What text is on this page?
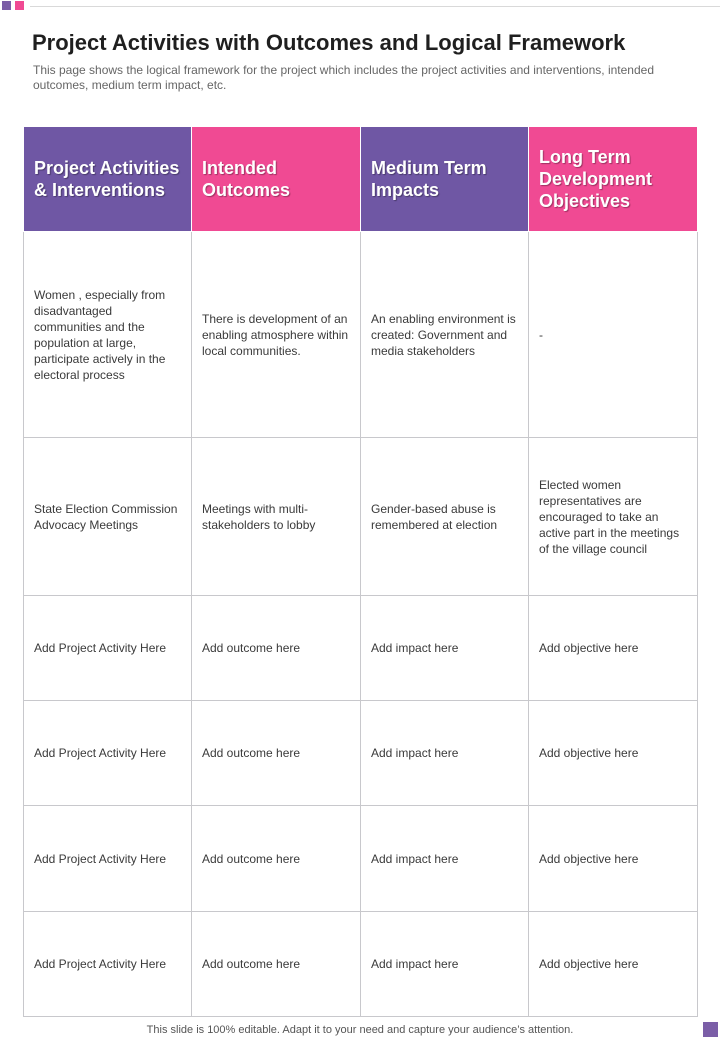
Project Activities with Outcomes and Logical Framework

This page shows the logical framework for the project which includes the project activities and interventions, intended outcomes, medium term impact, etc.

Project Activities & Interventions	Intended Outcomes	Medium Term Impacts	Long Term Development Objectives
Women , especially from disadvantaged communities and the population at large, participate actively in the electoral process	There is development of an enabling atmosphere within local communities.	An enabling environment is created: Government and media stakeholders	-
State Election Commission Advocacy Meetings	Meetings with multi-stakeholders to lobby	Gender-based abuse is remembered at election	Elected women representatives are encouraged to take an active part in the meetings of the village council
Add Project Activity Here	Add outcome here	Add impact here	Add objective here
Add Project Activity Here	Add outcome here	Add impact here	Add objective here
Add Project Activity Here	Add outcome here	Add impact here	Add objective here
Add Project Activity Here	Add outcome here	Add impact here	Add objective here
This slide is 100% editable. Adapt it to your need and capture your audience’s attention.
